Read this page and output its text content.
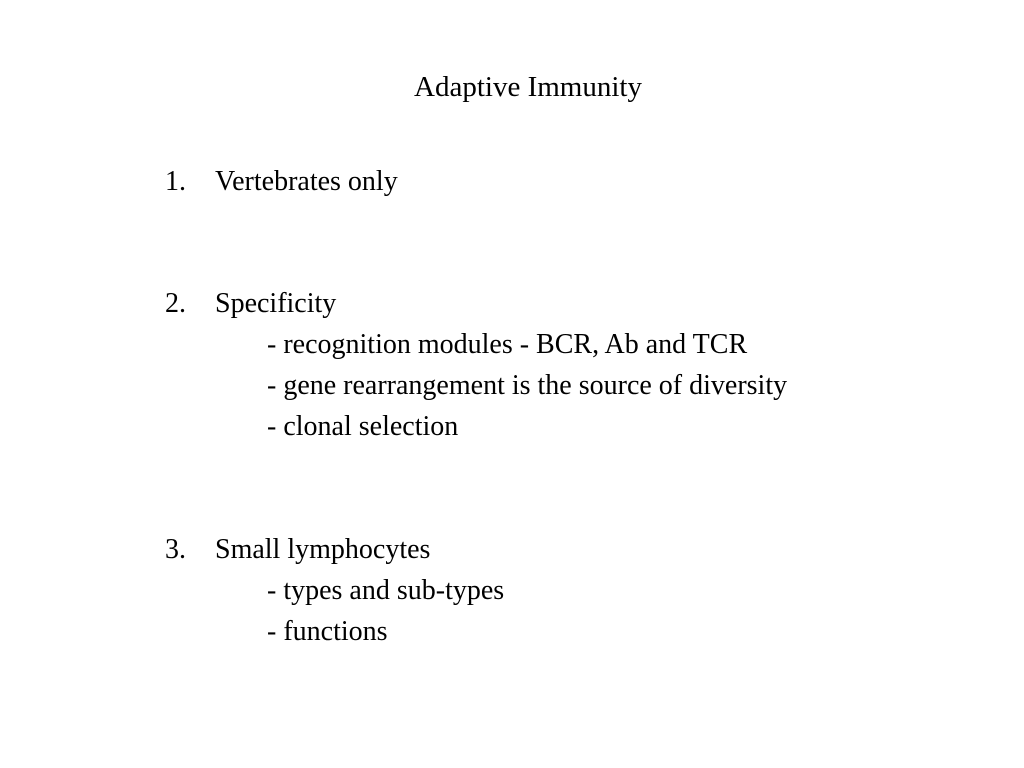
Adaptive Immunity
1. Vertebrates only
2. Specificity
- recognition modules - BCR, Ab and TCR
- gene rearrangement is the source of diversity
- clonal selection
3. Small lymphocytes
- types and sub-types
- functions
